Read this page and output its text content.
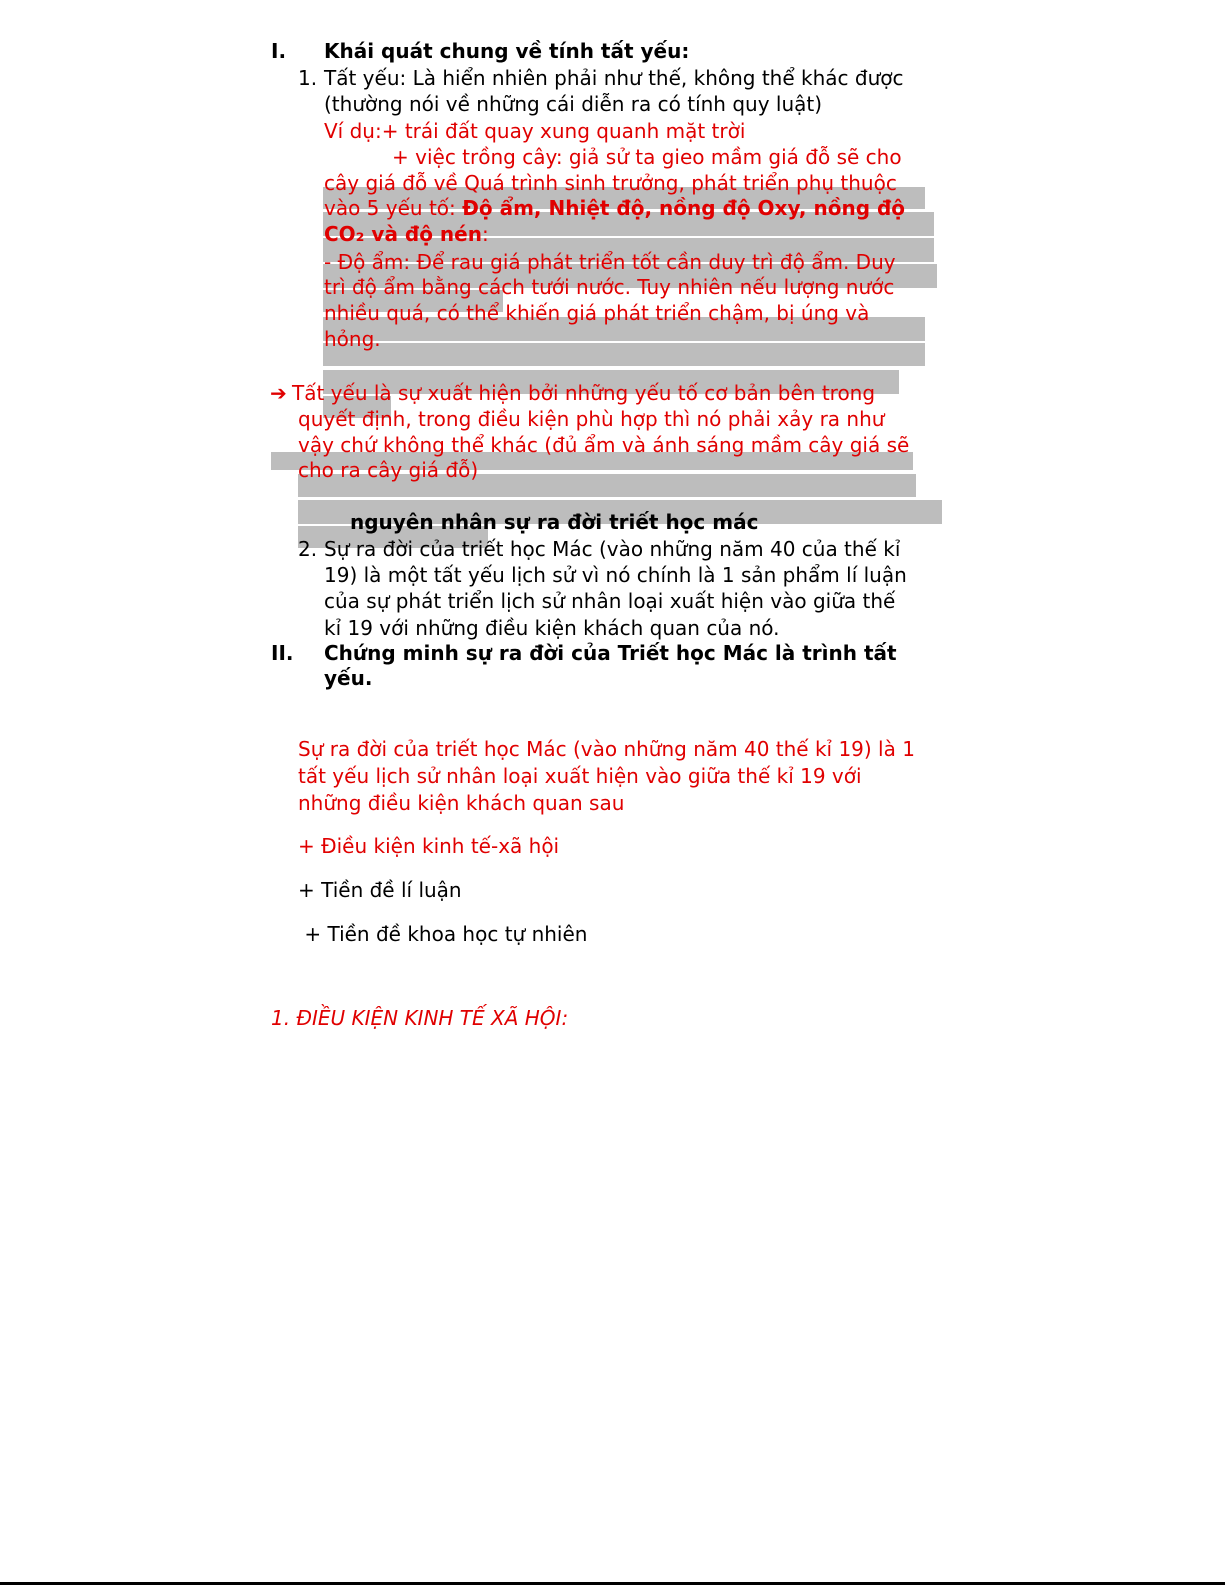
I. Khái quát chung về tính tất yếu:
1. Tất yếu: Là hiển nhiên phải như thế, không thể khác được
(thường nói về những cái diễn ra có tính quy luật)
Ví dụ:+ trái đất quay xung quanh mặt trời
+ việc trồng cây: giả sử ta gieo mầm giá đỗ sẽ cho
cây giá đỗ về Quá trình sinh trưởng, phát triển phụ thuộc
vào 5 yếu tố: Độ ẩm, Nhiệt độ, nồng độ Oxy, nồng độ
CO₂ và độ nén:
- Độ ẩm: Để rau giá phát triển tốt cần duy trì độ ẩm. Duy
trì độ ẩm bằng cách tưới nước. Tuy nhiên nếu lượng nước
nhiều quá, có thể khiến giá phát triển chậm, bị úng và
hỏng.
➔ Tất yếu là sự xuất hiện bởi những yếu tố cơ bản bên trong
quyết định, trong điều kiện phù hợp thì nó phải xảy ra như
vậy chứ không thể khác (đủ ẩm và ánh sáng mầm cây giá sẽ
cho ra cây giá đỗ)
nguyên nhân sự ra đời triết học mác
2. Sự ra đời của triết học Mác (vào những năm 40 của thế kỉ
19) là một tất yếu lịch sử vì nó chính là 1 sản phẩm lí luận
của sự phát triển lịch sử nhân loại xuất hiện vào giữa thế
kỉ 19 với những điều kiện khách quan của nó.
II. Chứng minh sự ra đời của Triết học Mác là trình tất
yếu.
Sự ra đời của triết học Mác (vào những năm 40 thế kỉ 19) là 1
tất yếu lịch sử nhân loại xuất hiện vào giữa thế kỉ 19 với
những điều kiện khách quan sau
+ Điều kiện kinh tế-xã hội
+ Tiền đề lí luận
+ Tiền đề khoa học tự nhiên
1. ĐIỀU KIỆN KINH TẾ XÃ HỘI:
